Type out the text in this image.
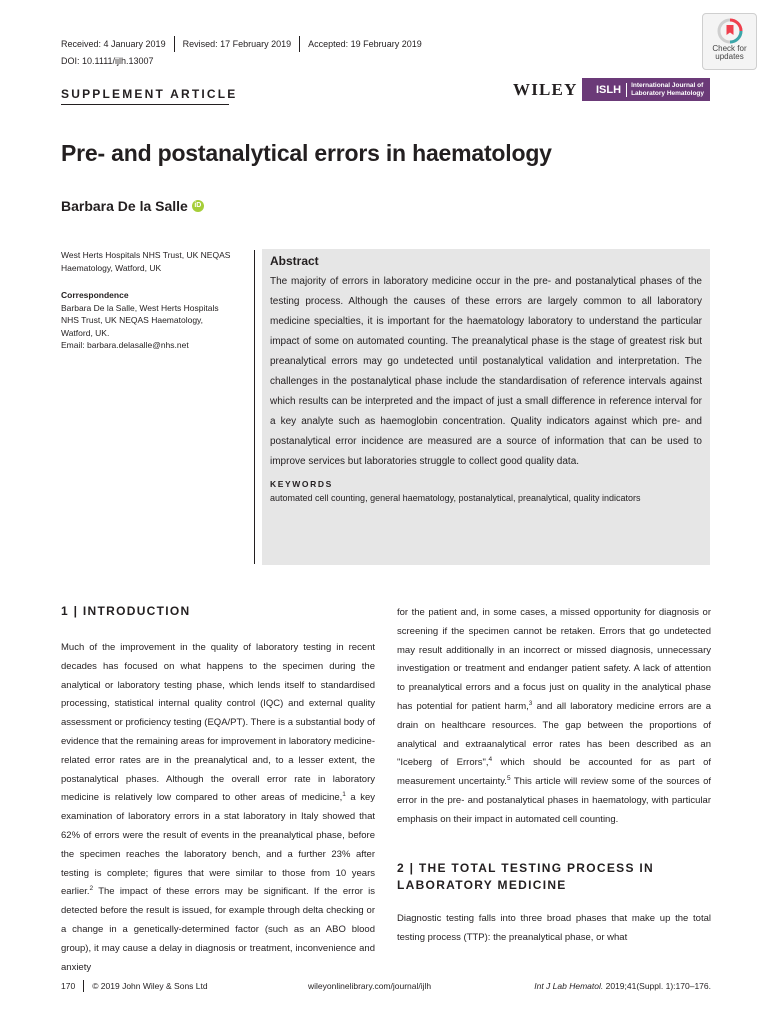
Received: 4 January 2019 Revised: 17 February 2019 Accepted: 19 February 2019
DOI: 10.1111/ijlh.13007
SUPPLEMENT ARTICLE
Check for
updates
WILEY	ISLH	International Journal of
Laboratory Hematology
Pre- and postanalytical errors in haematology
Barbara De la Salle iD
West Herts Hospitals NHS Trust, UK NEQAS
Haematology, Watford, UK
Correspondence
Barbara De la Salle, West Herts Hospitals
NHS Trust, UK NEQAS Haematology,
Watford, UK.
Email: barbara.delasalle@nhs.net
Abstract
The majority of errors in laboratory medicine occur in the pre- and postanalytical phases of the testing process. Although the causes of these errors are largely common to all laboratory medicine specialties, it is important for the haematology laboratory to understand the particular impact of some on automated counting. The preanalytical phase is the stage of greatest risk but preanalytical errors may go undetected until postanalytical validation and interpretation. The challenges in the postanalytical phase include the standardisation of reference intervals against which results can be interpreted and the impact of just a small difference in reference interval for a key analyte such as haemoglobin concentration. Quality indicators against which pre- and postanalytical error incidence are measured are a source of information that can be used to improve services but laboratories struggle to collect good quality data.
KEYWORDS
automated cell counting, general haematology, postanalytical, preanalytical, quality indicators
1 | INTRODUCTION
Much of the improvement in the quality of laboratory testing in recent decades has focused on what happens to the specimen during the analytical or laboratory testing phase, which lends itself to standardised processing, statistical internal quality control (IQC) and external quality assessment or proficiency testing (EQA/PT). There is a substantial body of evidence that the remaining areas for improvement in laboratory medicine-related error rates are in the preanalytical and, to a lesser extent, the postanalytical phases. Although the overall error rate in laboratory medicine is relatively low compared to other areas of medicine,$^1$ a key examination of laboratory errors in a stat laboratory in Italy showed that 62% of errors were the result of events in the preanalytical phase, before the specimen reaches the laboratory bench, and a further 23% after testing is complete; figures that were similar to those from 10 years earlier.$^2$ The impact of these errors may be significant. If the error is detected before the result is issued, for example through delta checking or a change in a genetically-determined factor (such as an ABO blood group), it may cause a delay in diagnosis or treatment, inconvenience and anxiety
for the patient and, in some cases, a missed opportunity for diagnosis or screening if the specimen cannot be retaken. Errors that go undetected may result additionally in an incorrect or missed diagnosis, unnecessary investigation or treatment and endanger patient safety. A lack of attention to preanalytical errors and a focus just on quality in the analytical phase has potential for patient harm,$^3$ and all laboratory medicine errors are a drain on healthcare resources. The gap between the proportions of analytical and extraanalytical error rates has been described as an "Iceberg of Errors",$^4$ which should be accounted for as part of measurement uncertainty.$^5$ This article will review some of the sources of error in the pre- and postanalytical phases in haematology, with particular emphasis on their impact in automated cell counting.
2 | THE TOTAL TESTING PROCESS IN LABORATORY MEDICINE
Diagnostic testing falls into three broad phases that make up the total testing process (TTP): the preanalytical phase, or what
170 © 2019 John Wiley & Sons Ltd	wileyonlinelibrary.com/journal/ijlh	Int J Lab Hematol. 2019;41(Suppl. 1):170–176.
